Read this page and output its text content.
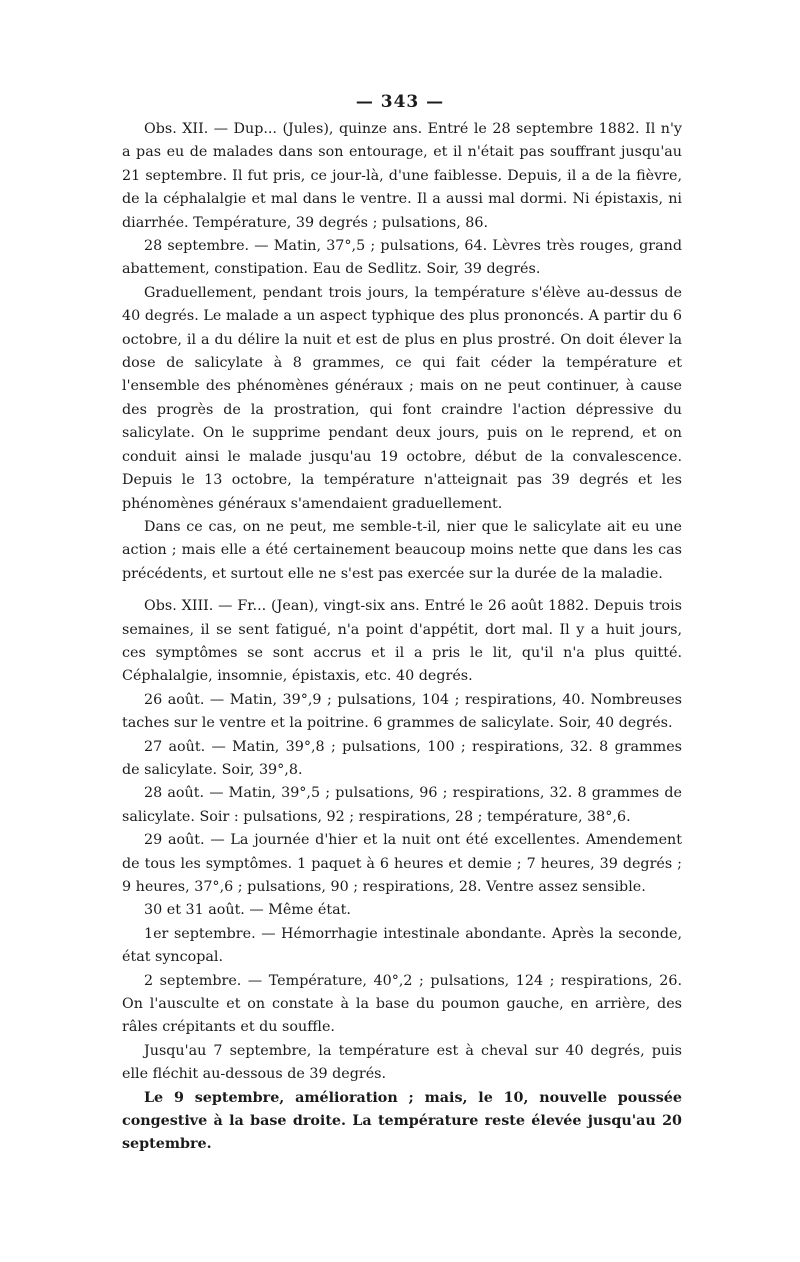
— 343 —

Obs. XII. — Dup... (Jules), quinze ans. Entré le 28 septembre 1882. Il n'y a pas eu de malades dans son entourage, et il n'était pas souffrant jusqu'au 21 septembre. Il fut pris, ce jour-là, d'une faiblesse. Depuis, il a de la fièvre, de la céphalalgie et mal dans le ventre. Il a aussi mal dormi. Ni épistaxis, ni diarrhée. Température, 39 degrés ; pulsations, 86.

28 septembre. — Matin, 37°,5 ; pulsations, 64. Lèvres très rouges, grand abattement, constipation. Eau de Sedlitz. Soir, 39 degrés.

Graduellement, pendant trois jours, la température s'élève au-dessus de 40 degrés. Le malade a un aspect typhique des plus prononcés. A partir du 6 octobre, il a du délire la nuit et est de plus en plus prostré. On doit élever la dose de salicylate à 8 grammes, ce qui fait céder la température et l'ensemble des phénomènes généraux ; mais on ne peut continuer, à cause des progrès de la prostration, qui font craindre l'action dépressive du salicylate. On le supprime pendant deux jours, puis on le reprend, et on conduit ainsi le malade jusqu'au 19 octobre, début de la convalescence. Depuis le 13 octobre, la température n'atteignait pas 39 degrés et les phénomènes généraux s'amendaient graduellement.

Dans ce cas, on ne peut, me semble-t-il, nier que le salicylate ait eu une action ; mais elle a été certainement beaucoup moins nette que dans les cas précédents, et surtout elle ne s'est pas exercée sur la durée de la maladie.

Obs. XIII. — Fr... (Jean), vingt-six ans. Entré le 26 août 1882. Depuis trois semaines, il se sent fatigué, n'a point d'appétit, dort mal. Il y a huit jours, ces symptômes se sont accrus et il a pris le lit, qu'il n'a plus quitté. Céphalalgie, insomnie, épistaxis, etc. 40 degrés.

26 août. — Matin, 39°,9 ; pulsations, 104 ; respirations, 40. Nombreuses taches sur le ventre et la poitrine. 6 grammes de salicylate. Soir, 40 degrés.

27 août. — Matin, 39°,8 ; pulsations, 100 ; respirations, 32. 8 grammes de salicylate. Soir, 39°,8.

28 août. — Matin, 39°,5 ; pulsations, 96 ; respirations, 32. 8 grammes de salicylate. Soir : pulsations, 92 ; respirations, 28 ; température, 38°,6.

29 août. — La journée d'hier et la nuit ont été excellentes. Amendement de tous les symptômes. 1 paquet à 6 heures et demie ; 7 heures, 39 degrés ; 9 heures, 37°,6 ; pulsations, 90 ; respirations, 28. Ventre assez sensible.

30 et 31 août. — Même état.

1er septembre. — Hémorrhagie intestinale abondante. Après la seconde, état syncopal.

2 septembre. — Température, 40°,2 ; pulsations, 124 ; respirations, 26. On l'ausculte et on constate à la base du poumon gauche, en arrière, des râles crépitants et du souffle.

Jusqu'au 7 septembre, la température est à cheval sur 40 degrés, puis elle fléchit au-dessous de 39 degrés.

Le 9 septembre, amélioration ; mais, le 10, nouvelle poussée congestive à la base droite. La température reste élevée jusqu'au 20 septembre.
